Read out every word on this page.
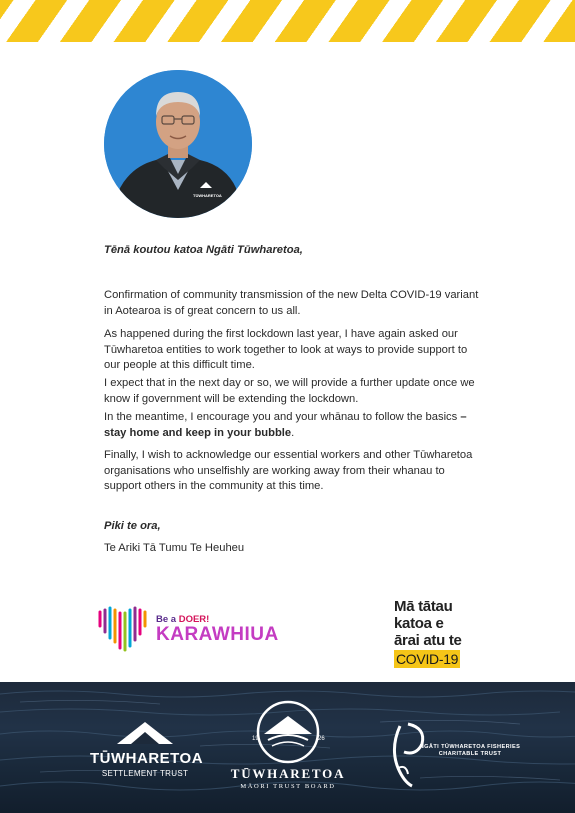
TŪWHARETOA
Tēnā koutou katoa Ngāti Tūwharetoa,

Confirmation of community transmission of the new Delta COVID-19 variant in Aotearoa is of great concern to us all.

As happened during the first lockdown last year, I have again asked our Tūwharetoa entities to work together to look at ways to provide support to our people at this difficult time.

I expect that in the next day or so, we will provide a further update once we know if government will be extending the lockdown.

In the meantime, I encourage you and your whānau to follow the basics – stay home and keep in your bubble.

Finally, I wish to acknowledge our essential workers and other Tūwharetoa organisations who unselfishly are working away from their whanau to support others in the community at this time.

Piki te ora,
Te Ariki Tā Tumu Te Heuheu
Be a DOER!
KARAWHIUA
Mā tātau
katoa e
ārai atu te
COVID-19
TŪWHARETOA
SETTLEMENT TRUST
19	26
TŪWHARETOA
MĀORI TRUST BOARD
NGĀTI TŪWHARETOA FISHERIES CHARITABLE TRUST
